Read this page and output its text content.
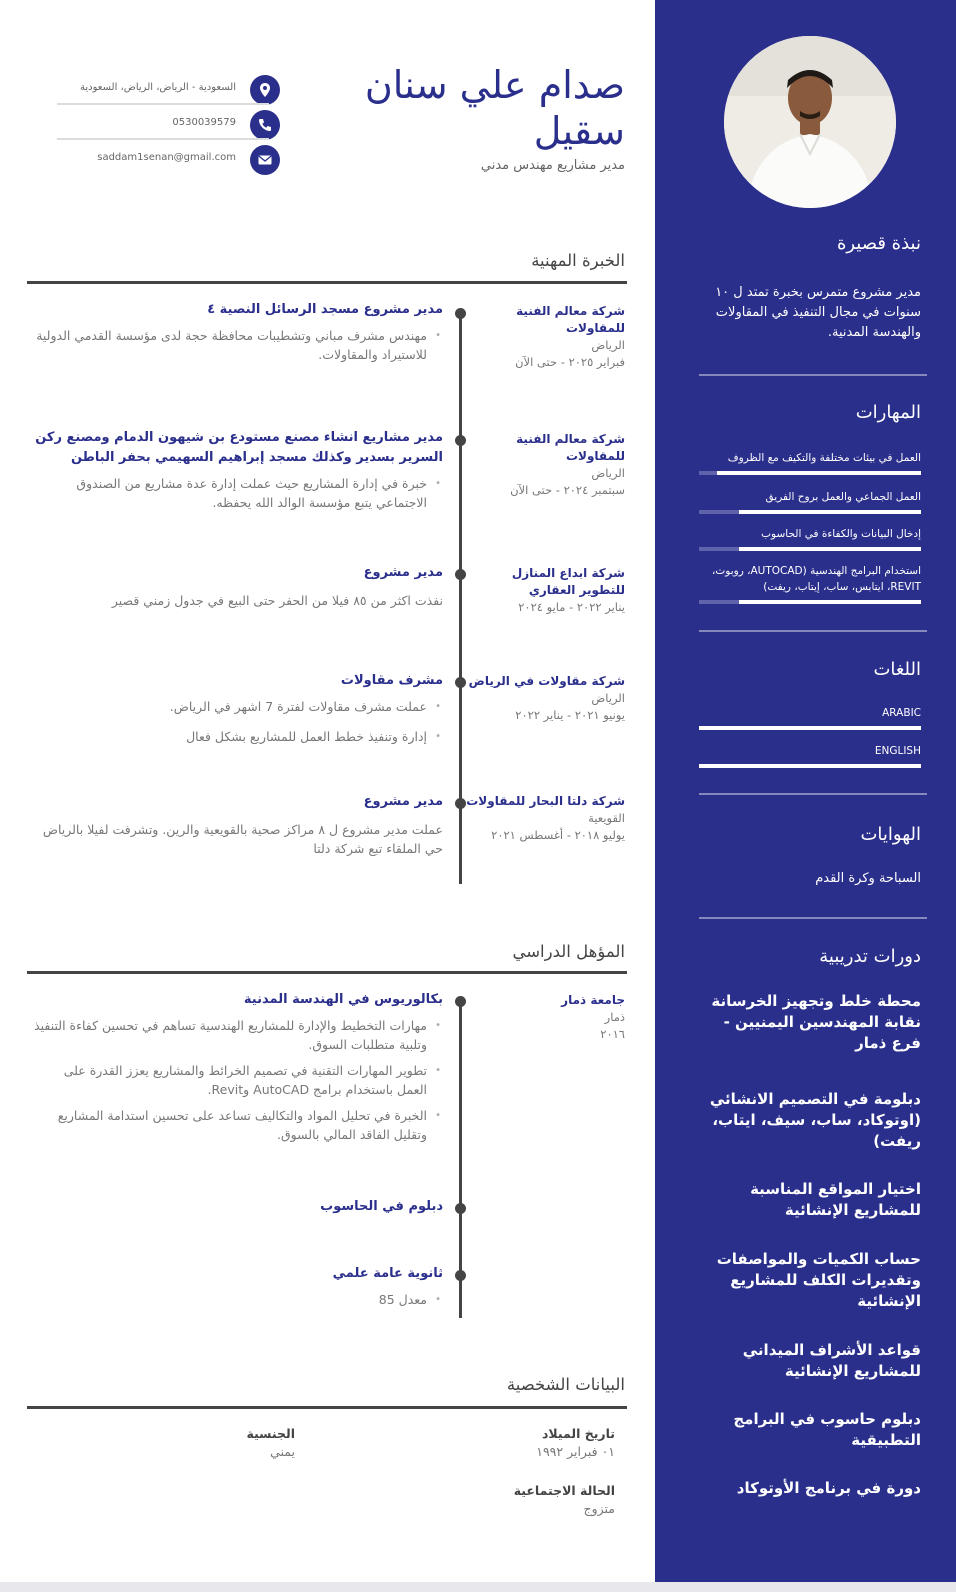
نبذة قصيرة
مدير مشروع متمرس بخبرة تمتد ل ١٠ سنوات في مجال التنفيذ في المقاولات والهندسة المدنية.
المهارات
العمل في بيئات مختلفة والتكيف مع الظروف
العمل الجماعي والعمل بروح الفريق
إدخال البيانات والكفاءة في الحاسوب
استخدام البرامج الهندسية (AUTOCAD، روبوت، REVIT، ايتابس، ساب، إيتاب، ريفت)
اللغات
ARABIC
ENGLISH
الهوايات
السباحة وكرة القدم
دورات تدريبية
محطة خلط وتجهيز الخرسانة نقابة المهندسين اليمنيين - فرع ذمار
دبلومة في التصميم الانشائي (اوتوكاد، ساب، سيف، ايتاب، ريفت)
اختيار المواقع المناسبة للمشاريع الإنشائية
حساب الكميات والمواصفات وتقديرات الكلف للمشاريع الإنشائية
قواعد الأشراف الميداني للمشاريع الإنشائية
دبلوم حاسوب في البرامج التطبيقية
دورة في برنامج الأوتوكاد
صدام علي سنان
سقيل
مدير مشاريع مهندس مدني
السعودية - الرياض، الرياض، السعودية
0530039579
saddam1senan@gmail.com
الخبرة المهنية
شركة معالم الفنية للمقاولات
الرياض
فبراير ٢٠٢٥ - حتى الآن
مدير مشروع مسجد الرسائل النصية ٤
• مهندس مشرف مباني وتشطيبات محافظة حجة لدى مؤسسة القدمي الدولية للاستيراد والمقاولات.
شركة معالم الفنية للمقاولات
الرياض
سبتمبر ٢٠٢٤ - حتى الآن
مدير مشاريع انشاء مصنع مستودع بن شيهون الدمام ومصنع ركن السرير بسدير وكذلك مسجد إبراهيم السهيمي بحفر الباطن
• خبرة في إدارة المشاريع حيث عملت إدارة عدة مشاريع من الصندوق الاجتماعي يتبع مؤسسة الوالد الله يحفظه.
شركة ابداع المنازل للتطوير العقاري
يناير ٢٠٢٢ - مايو ٢٠٢٤
مدير مشروع

نفذت اكثر من ٨٥ فيلا من الحفر حتى البيع في جدول زمني قصير

شركة مقاولات في الرياض
الرياض
يونيو ٢٠٢١ - يناير ٢٠٢٢
مشرف مقاولات
• عملت مشرف مقاولات لفترة 7 اشهر في الرياض.
• إدارة وتنفيذ خطط العمل للمشاريع بشكل فعال
شركة دلتا البحار للمقاولات
القويعية
يوليو ٢٠١٨ - أغسطس ٢٠٢١
مدير مشروع

عملت مدير مشروع ل ٨ مراكز صحية بالقويعية والرين. وتشرفت لفيلا بالرياض حي الملقاء تبع شركة دلتا

المؤهل الدراسي
جامعة ذمار
ذمار
٢٠١٦
بكالوريوس في الهندسة المدنية
• مهارات التخطيط والإدارة للمشاريع الهندسية تساهم في تحسين كفاءة التنفيذ وتلبية متطلبات السوق.
• تطوير المهارات التقنية في تصميم الخرائط والمشاريع يعزز القدرة على العمل باستخدام برامج AutoCAD وRevit.
• الخبرة في تحليل المواد والتكاليف تساعد على تحسين استدامة المشاريع وتقليل الفاقد المالي بالسوق.
دبلوم في الحاسوب
ثانوية عامة علمي
• معدل 85
البيانات الشخصية
تاريخ الميلاد
٠١ فبراير ١٩٩٢
الجنسية
يمني
الحالة الاجتماعية
متزوج
